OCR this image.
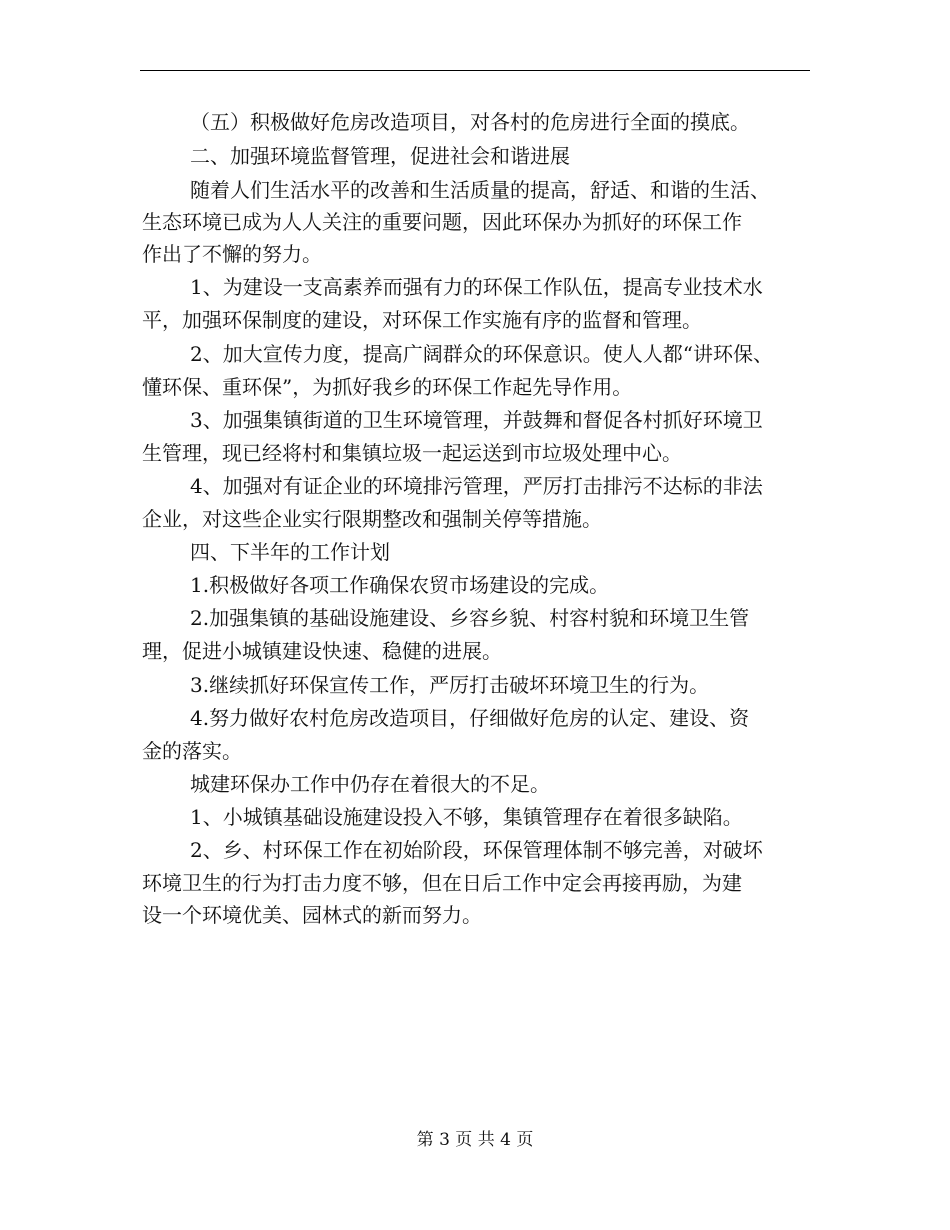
（五）积极做好危房改造项目，对各村的危房进行全面的摸底。
二、加强环境监督管理，促进社会和谐进展
随着人们生活水平的改善和生活质量的提高，舒适、和谐的生活、
生态环境已成为人人关注的重要问题，因此环保办为抓好的环保工作
作出了不懈的努力。
1、为建设一支高素养而强有力的环保工作队伍，提高专业技术水
平，加强环保制度的建设，对环保工作实施有序的监督和管理。
2、加大宣传力度，提高广阔群众的环保意识。使人人都“讲环保、
懂环保、重环保”，为抓好我乡的环保工作起先导作用。
3、加强集镇街道的卫生环境管理，并鼓舞和督促各村抓好环境卫
生管理，现已经将村和集镇垃圾一起运送到市垃圾处理中心。
4、加强对有证企业的环境排污管理，严厉打击排污不达标的非法
企业，对这些企业实行限期整改和强制关停等措施。
四、下半年的工作计划
1.积极做好各项工作确保农贸市场建设的完成。
2.加强集镇的基础设施建设、乡容乡貌、村容村貌和环境卫生管
理，促进小城镇建设快速、稳健的进展。
3.继续抓好环保宣传工作，严厉打击破坏环境卫生的行为。
4.努力做好农村危房改造项目，仔细做好危房的认定、建设、资
金的落实。
城建环保办工作中仍存在着很大的不足。
1、小城镇基础设施建设投入不够，集镇管理存在着很多缺陷。
2、乡、村环保工作在初始阶段，环保管理体制不够完善，对破坏
环境卫生的行为打击力度不够，但在日后工作中定会再接再励，为建
设一个环境优美、园林式的新而努力。
第 3 页 共 4 页
